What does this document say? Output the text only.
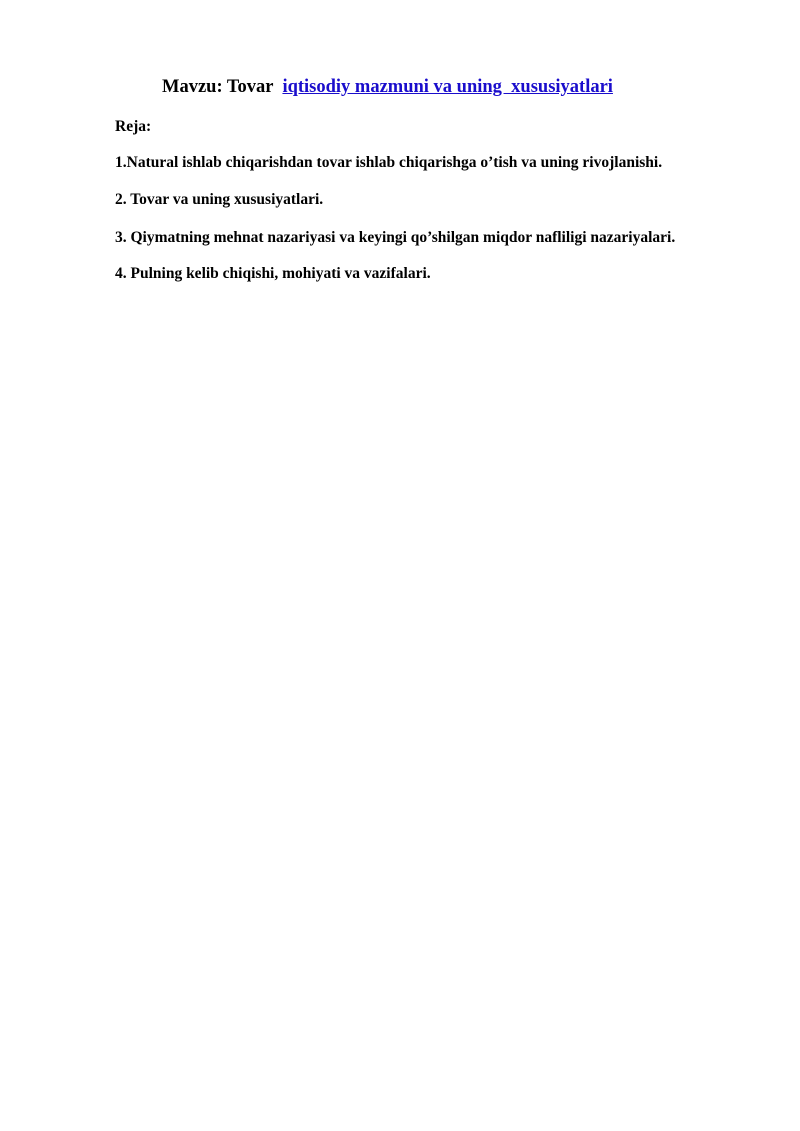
Mavzu: Tovar  iqtisodiy mazmuni va uning  xususiyatlari
Reja:
1.Natural ishlab chiqarishdan tovar ishlab chiqarishga o’tish va uning rivojlanishi.
2. Tovar va uning xususiyatlari.
3. Qiymatning mehnat nazariyasi va keyingi qo’shilgan miqdor nafliligi nazariyalari.
4. Pulning kelib chiqishi, mohiyati va vazifalari.
